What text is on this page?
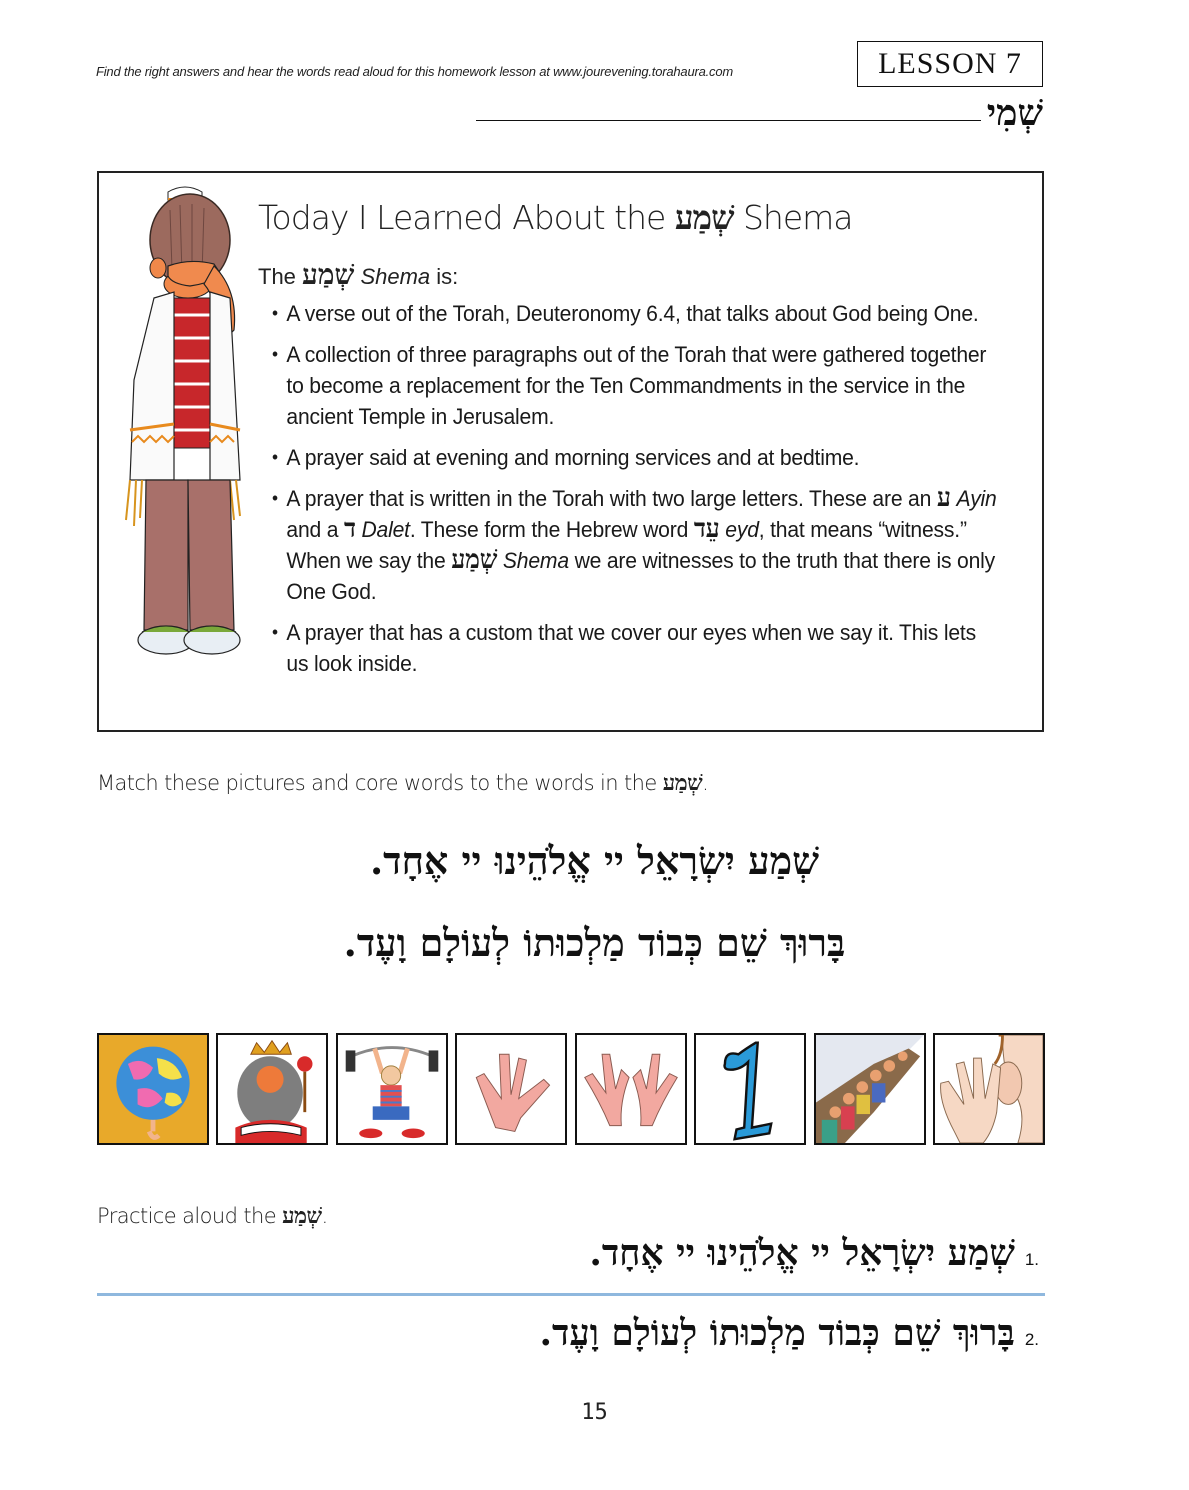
Find the right answers and hear the words read aloud for this homework lesson at www.jourevening.torahaura.com	LESSON 7
שְׁמִי
Today I Learned About the שְׁמַע Shema
The שְׁמַע Shema is:
• A verse out of the Torah, Deuteronomy 6.4, that talks about God being One.
• A collection of three paragraphs out of the Torah that were gathered together to become a replacement for the Ten Commandments in the service in the ancient Temple in Jerusalem.
• A prayer said at evening and morning services and at bedtime.
• A prayer that is written in the Torah with two large letters. These are an ע Ayin and a ד Dalet. These form the Hebrew word עֵד eyd, that means “witness.” When we say the שְׁמַע Shema we are witnesses to the truth that there is only One God.
• A prayer that has a custom that we cover our eyes when we say it. This lets us look inside.
Match these pictures and core words to the words in the שְׁמַע.
שְׁמַע יִשְׂרָאֵל יי אֱלֹהֵינוּ יי אֶחָד.
בָּרוּךְ שֵׁם כְּבוֹד מַלְכוּתוֹ לְעוֹלָם וָעֶד.
Practice aloud the שְׁמַע.
1.
שְׁמַע יִשְׂרָאֵל יי אֱלֹהֵינוּ יי אֶחָד.
2.
בָּרוּךְ שֵׁם כְּבוֹד מַלְכוּתוֹ לְעוֹלָם וָעֶד.
15
